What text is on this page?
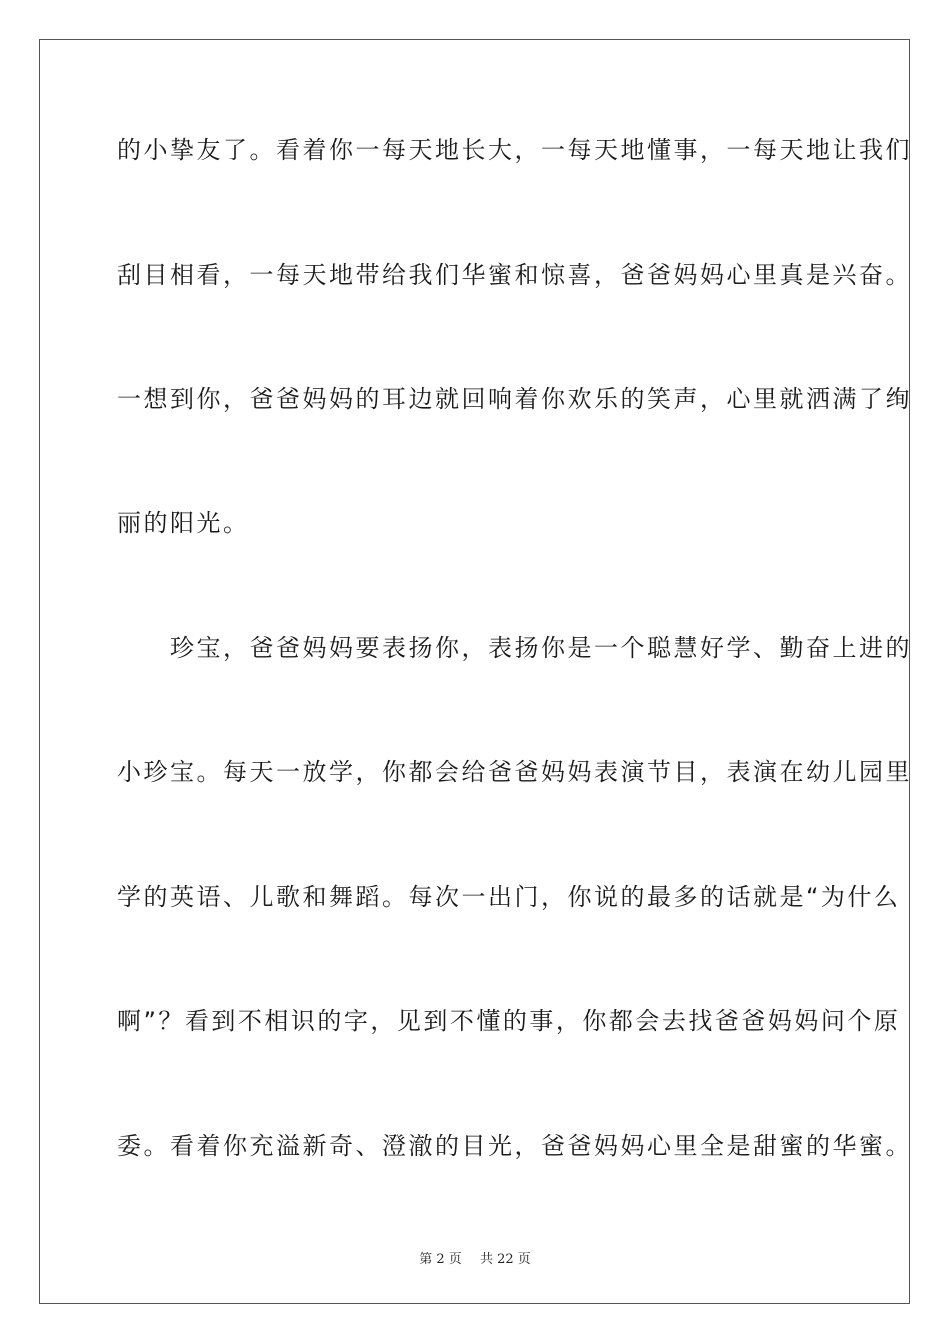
的小挚友了。看着你一每天地长大，一每天地懂事，一每天地让我们
刮目相看，一每天地带给我们华蜜和惊喜，爸爸妈妈心里真是兴奋。
一想到你，爸爸妈妈的耳边就回响着你欢乐的笑声，心里就洒满了绚
丽的阳光。
　　珍宝，爸爸妈妈要表扬你，表扬你是一个聪慧好学、勤奋上进的
小珍宝。每天一放学，你都会给爸爸妈妈表演节目，表演在幼儿园里
学的英语、儿歌和舞蹈。每次一出门，你说的最多的话就是“为什么
啊”？看到不相识的字，见到不懂的事，你都会去找爸爸妈妈问个原
委。看着你充溢新奇、澄澈的目光，爸爸妈妈心里全是甜蜜的华蜜。
第 2 页 共 22 页
